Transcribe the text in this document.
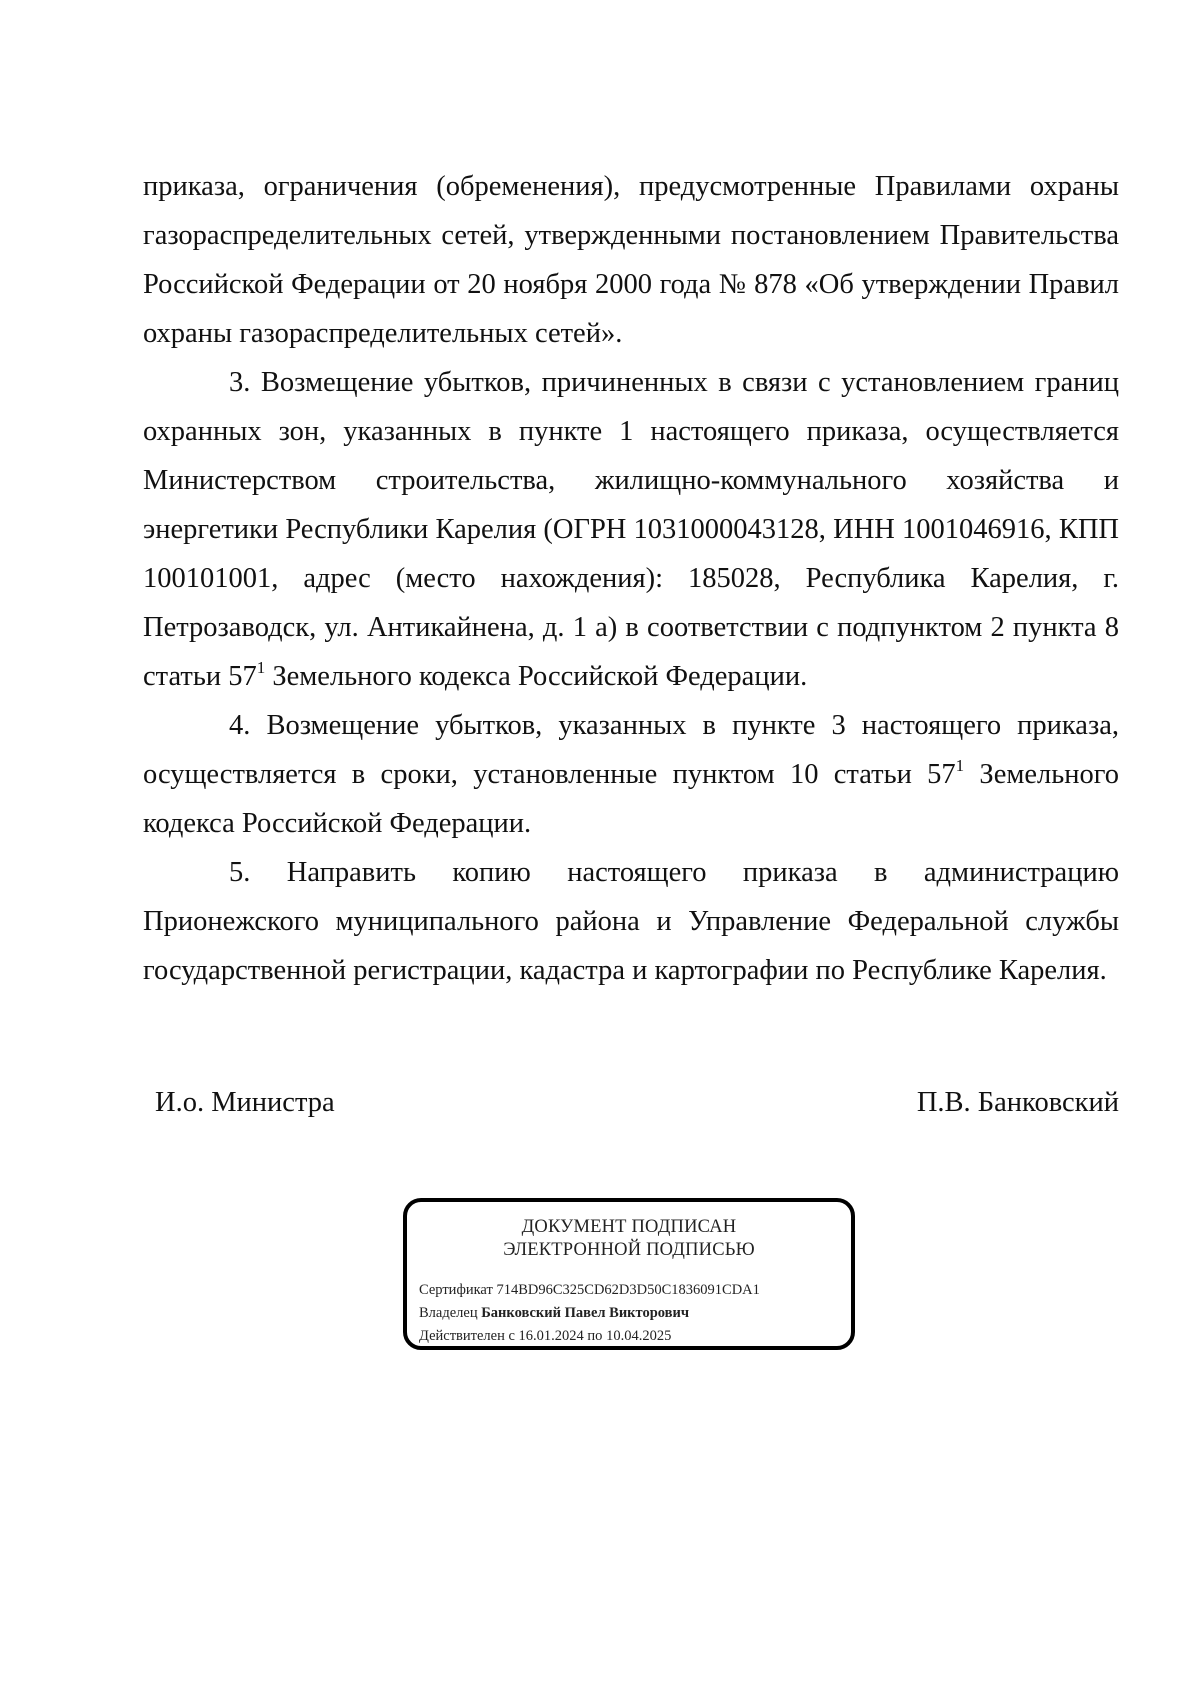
приказа, ограничения (обременения), предусмотренные Правилами охраны газораспределительных сетей, утвержденными постановлением Правительства Российской Федерации от 20 ноября 2000 года № 878 «Об утверждении Правил охраны газораспределительных сетей».

3. Возмещение убытков, причиненных в связи с установлением границ охранных зон, указанных в пункте 1 настоящего приказа, осуществляется Министерством строительства, жилищно-коммунального хозяйства и энергетики Республики Карелия (ОГРН 1031000043128, ИНН 1001046916, КПП 100101001, адрес (место нахождения): 185028, Республика Карелия, г. Петрозаводск, ул. Антикайнена, д. 1 а) в соответствии с подпунктом 2 пункта 8 статьи $57^1$ Земельного кодекса Российской Федерации.

4. Возмещение убытков, указанных в пункте 3 настоящего приказа, осуществляется в сроки, установленные пунктом 10 статьи $57^1$ Земельного кодекса Российской Федерации.

5. Направить копию настоящего приказа в администрацию Прионежского муниципального района и Управление Федеральной службы государственной регистрации, кадастра и картографии по Республике Карелия.

И.о. Министра	П.В. Банковский
ДОКУМЕНТ ПОДПИСАН
ЭЛЕКТРОННОЙ ПОДПИСЬЮ
Сертификат 714BD96C325CD62D3D50C1836091CDA1
Владелец Банковский Павел Викторович
Действителен с 16.01.2024 по 10.04.2025
